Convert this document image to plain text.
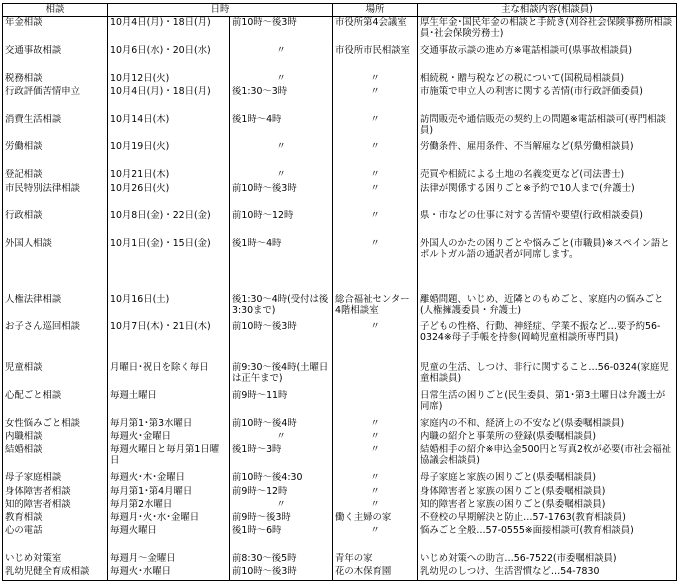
相談	日時		場所	主な相談内容(相談員)
年金相談	10月4日(月)・18日(月)	前10時～後3時	市役所第4会議室	厚生年金･国民年金の相談と手続き(刈谷社会保険事務所相談員･社会保険労務士)
交通事故相談	10月6日(水)・20日(水)	〃	市役所市民相談室	交通事故示談の進め方※電話相談可(県事故相談員)
税務相談	10月12日(火)	〃	〃	相続税・贈与税などの税について(国税局相談員)
行政評価苦情申立	10月4日(月)・18日(月)	後1:30～3時	〃	市施策で申立人の利害に関する苦情(市行政評価委員)
消費生活相談	10月14日(木)	後1時～4時	〃	訪問販売や通信販売の契約上の問題※電話相談可(専門相談員)
労働相談	10月19日(火)	〃	〃	労働条件、雇用条件、不当解雇など(県労働相談員)
登記相談	10月21日(木)	〃	〃	売買や相続による土地の名義変更など(司法書士)
市民特別法律相談	10月26日(火)	前10時～後3時	〃	法律が関係する困りごと※予約で10人まで(弁護士)
行政相談	10月8日(金)・22日(金)	前10時～12時	〃	県・市などの仕事に対する苦情や要望(行政相談委員)
外国人相談	10月1日(金)・15日(金)	後1時～4時	〃	外国人のかたの困りごとや悩みごと(市職員)※スペイン語とポルトガル語の通訳者が同席します。
人権法律相談	10月16日(土)	後1:30～4時(受付は後3:30まで)	総合福祉センター4階相談室	離婚問題、いじめ、近隣とのもめごと、家庭内の悩みごと(人権擁護委員・弁護士)
お子さん巡回相談	10月7日(木)・21日(木)	前10時～後3時	〃	子どもの性格、行動、神経症、学業不振など…要予約56-0324※母子手帳を持参(岡崎児童相談所専門員)
児童相談	月曜日･祝日を除く毎日	前9:30～後4時(土曜日は正午まで)		児童の生活、しつけ、非行に関すること…56-0324(家庭児童相談員)
心配ごと相談	毎週土曜日	前9時～11時		日常生活の困りごと(民生委員、第1･第3土曜日は弁護士が同席)
女性悩みごと相談	毎月第1･第3水曜日	前10時～後4時	〃	家庭内の不和、経済上の不安など(県委嘱相談員)
内職相談	毎週火･金曜日	〃	〃	内職の紹介と事業所の登録(県委嘱相談員)
結婚相談	毎週火曜日と毎月第1日曜日	後1時～3時	〃	結婚相手の紹介※申込金500円と写真2枚が必要(市社会福祉協議会相談員)
母子家庭相談	毎週火･木･金曜日	前10時～後4:30	〃	母子家庭と家族の困りごと(県委嘱相談員)
身体障害者相談	毎月第1･第4月曜日	前9時～12時	〃	身体障害者と家族の困りごと(県委嘱相談員)
知的障害者相談	毎月第2水曜日	〃	〃	知的障害者と家族の困りごと(県委嘱相談員)
教育相談	毎週月･火･水･金曜日	前9時～後3時	働く主婦の家	不登校の早期解決と防止…57-1763(教育相談員)
心の電話	毎週火曜日	後1時～6時	〃	悩みごと全般…57-0555※面接相談可(教育相談員)
いじめ対策室	毎週月～金曜日	前8:30～後5時	青年の家	いじめ対策への助言…56-7522(市委嘱相談員)
乳幼児健全育成相談	毎週火･水曜日	前10時～後3時	花の木保育園	乳幼児のしつけ、生活習慣など…54-7830
